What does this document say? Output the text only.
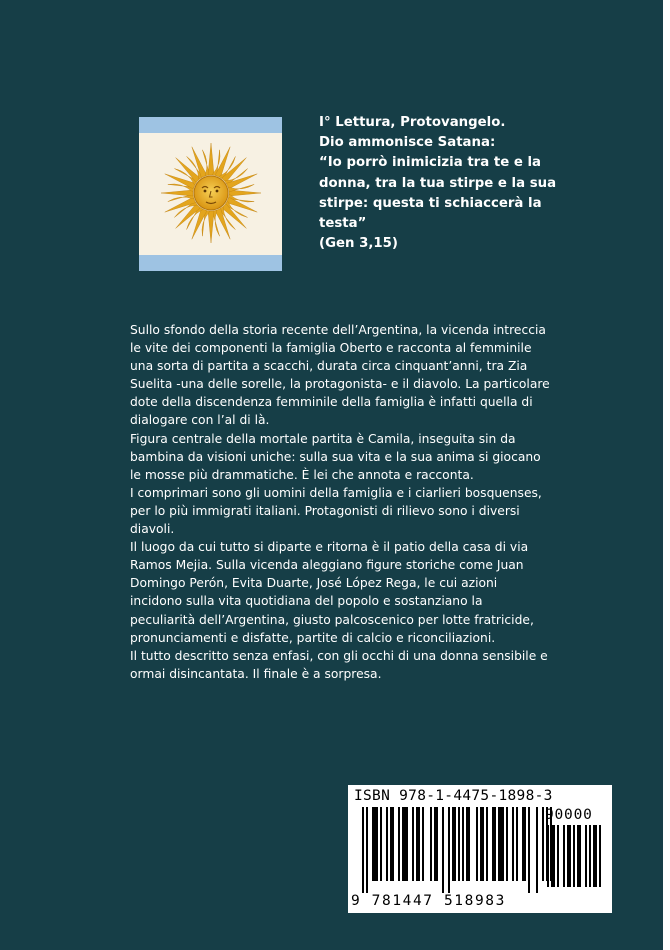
I° Lettura, Protovangelo.
Dio ammonisce Satana:
“Io porrò inimicizia tra te e la donna, tra la tua stirpe e la sua stirpe: questa ti schiaccerà la testa”
(Gen 3,15)

Sullo sfondo della storia recente dell’Argentina, la vicenda intreccia le vite dei componenti la famiglia Oberto e racconta al femminile una sorta di partita a scacchi, durata circa cinquant’anni, tra Zia Suelita -una delle sorelle, la protagonista- e il diavolo. La particolare dote della discendenza femminile della famiglia è infatti quella di dialogare con l’al di là.

Figura centrale della mortale partita è Camila, inseguita sin da bambina da visioni uniche: sulla sua vita e la sua anima si giocano le mosse più drammatiche. È lei che annota e racconta.

I comprimari sono gli uomini della famiglia e i ciarlieri bosquenses, per lo più immigrati italiani. Protagonisti di rilievo sono i diversi diavoli.

Il luogo da cui tutto si diparte e ritorna è il patio della casa di via Ramos Mejia. Sulla vicenda aleggiano figure storiche come Juan Domingo Perón, Evita Duarte, José López Rega, le cui azioni incidono sulla vita quotidiana del popolo e sostanziano la peculiarità dell’Argentina, giusto palcoscenico per lotte fratricide, pronunciamenti e disfatte, partite di calcio e riconciliazioni.

Il tutto descritto senza enfasi, con gli occhi di una donna sensibile e ormai disincantata. Il finale è a sorpresa.

ISBN 978-1-4475-1898-3
90000
9 781447 518983
